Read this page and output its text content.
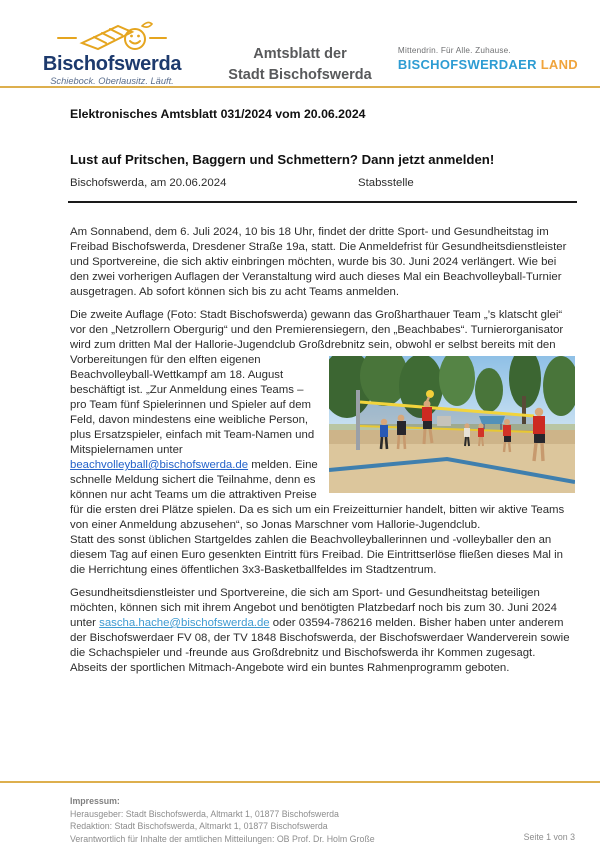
Bischofswerda
Schiebock. Oberlausitz. Läuft.
Amtsblatt der
Stadt Bischofswerda
Mittendrin. Für Alle. Zuhause.
BISCHOFSWERDAER LAND
Elektronisches Amtsblatt 031/2024 vom 20.06.2024
Lust auf Pritschen, Baggern und Schmettern? Dann jetzt anmelden!
Bischofswerda, am 20.06.2024	Stabsstelle

Am Sonnabend, dem 6. Juli 2024, 10 bis 18 Uhr, findet der dritte Sport- und Gesundheitstag im Freibad Bischofswerda, Dresdener Straße 19a, statt. Die Anmeldefrist für Gesundheitsdienstleister und Sportvereine, die sich aktiv einbringen möchten, wurde bis 30. Juni 2024 verlängert. Wie bei den zwei vorherigen Auflagen der Veranstaltung wird auch dieses Mal ein Beachvolleyball-Turnier ausgetragen. Ab sofort können sich bis zu acht Teams anmelden.

Die zweite Auflage (Foto: Stadt Bischofswerda) gewann das Großharthauer Team „’s klatscht glei“ vor den „Netzrollern Obergurig“ und den Premierensiegern, den „Beachbabes“. Turnierorganisator wird zum dritten Mal der Hallorie-Jugendclub Großdrebnitz sein, obwohl er selbst bereits mit den
Vorbereitungen für den elften eigenen Beachvolleyball-Wettkampf am 18. August beschäftigt ist. „Zur Anmeldung eines Teams – pro Team fünf Spielerinnen und Spieler auf dem Feld, davon mindestens eine weibliche Person, plus Ersatzspieler, einfach mit Team-Namen und Mitspielernamen unter beachvolleyball@bischofswerda.de melden. Eine schnelle Meldung sichert die Teilnahme, denn es können nur acht Teams um die attraktiven Preise für die ersten drei Plätze spielen. Da es sich um ein Freizeitturnier handelt, bitten wir aktive Teams von einer Anmeldung abzusehen“, so Jonas Marschner vom Hallorie-Jugendclub.
Statt des sonst üblichen Startgeldes zahlen die Beachvolleyballerinnen und -volleyballer den an diesem Tag auf einen Euro gesenkten Eintritt fürs Freibad. Die Eintrittserlöse fließen dieses Mal in die Herrichtung eines öffentlichen 3x3-Basketballfeldes im Stadtzentrum.

Gesundheitsdienstleister und Sportvereine, die sich am Sport- und Gesundheitstag beteiligen möchten, können sich mit ihrem Angebot und benötigten Platzbedarf noch bis zum 30. Juni 2024 unter sascha.hache@bischofswerda.de oder 03594-786216 melden. Bisher haben unter anderem der Bischofswerdaer FV 08, der TV 1848 Bischofswerda, der Bischofswerdaer Wanderverein sowie die Schachspieler und -freunde aus Großdrebnitz und Bischofswerda ihr Kommen zugesagt. Abseits der sportlichen Mitmach-Angebote wird ein buntes Rahmenprogramm geboten.

Impressum:
Herausgeber: Stadt Bischofswerda, Altmarkt 1, 01877 Bischofswerda
Redaktion: Stadt Bischofswerda, Altmarkt 1, 01877 Bischofswerda
Verantwortlich für Inhalte der amtlichen Mitteilungen: OB Prof. Dr. Holm Große	Seite 1 von 3
